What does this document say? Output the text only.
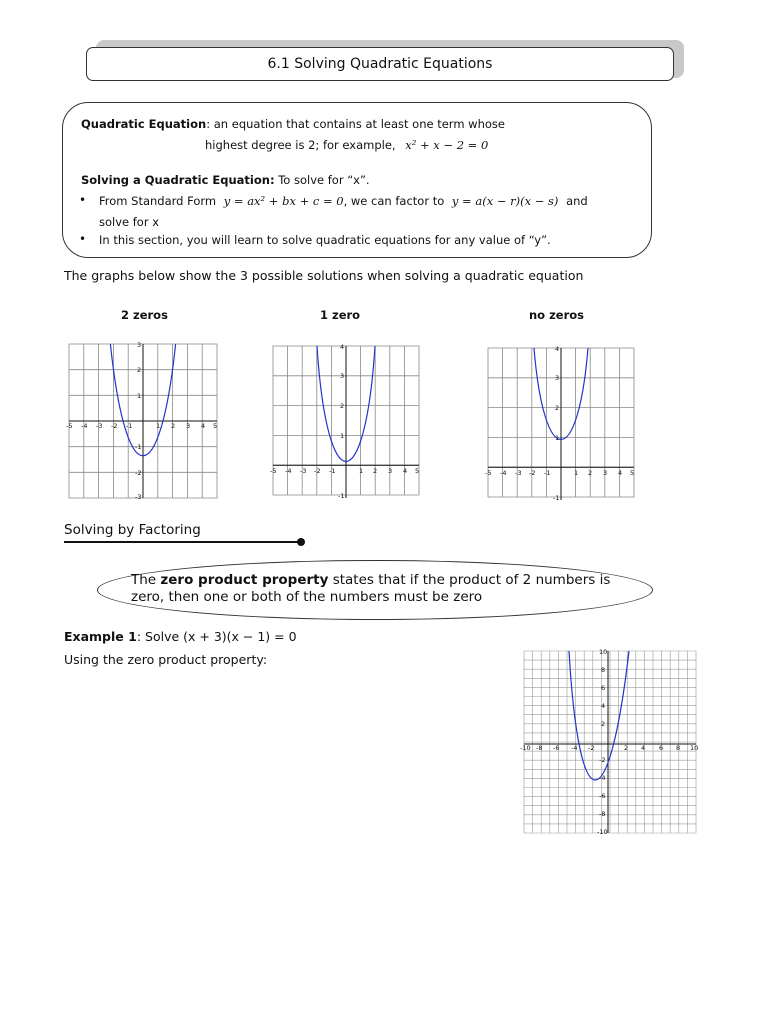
6.1 Solving Quadratic Equations
Quadratic Equation: an equation that contains at least one term whose
highest degree is 2; for example, x² + x − 2 = 0
Solving a Quadratic Equation: To solve for “x”.
• From Standard Form y = ax² + bx + c = 0, we can factor to y = a(x − r)(x − s) and
solve for x
• In this section, you will learn to solve quadratic equations for any value of “y”.
The graphs below show the 3 possible solutions when solving a quadratic equation
2 zeros	1 zero	no zeros
-5 -4 -3 -2 -1	1 2 3 4 5
3
2
1
-1
-2
-3
-5 -4 -3 -2 -1	1 2 3 4 5
4
3
2
1
-1
-5 -4 -3 -2 -1	1 2 3 4 5
4
3
2
1
-1
Solving by Factoring
The zero product property states that if the product of 2 numbers is zero, then one or both of the numbers must be zero
Example 1: Solve (x + 3)(x − 1) = 0
Using the zero product property:
-10 -8 -6 -4 -2	2 4 6 8 10
10
8
6
4
2
-2
-4
-6
-8
-10
